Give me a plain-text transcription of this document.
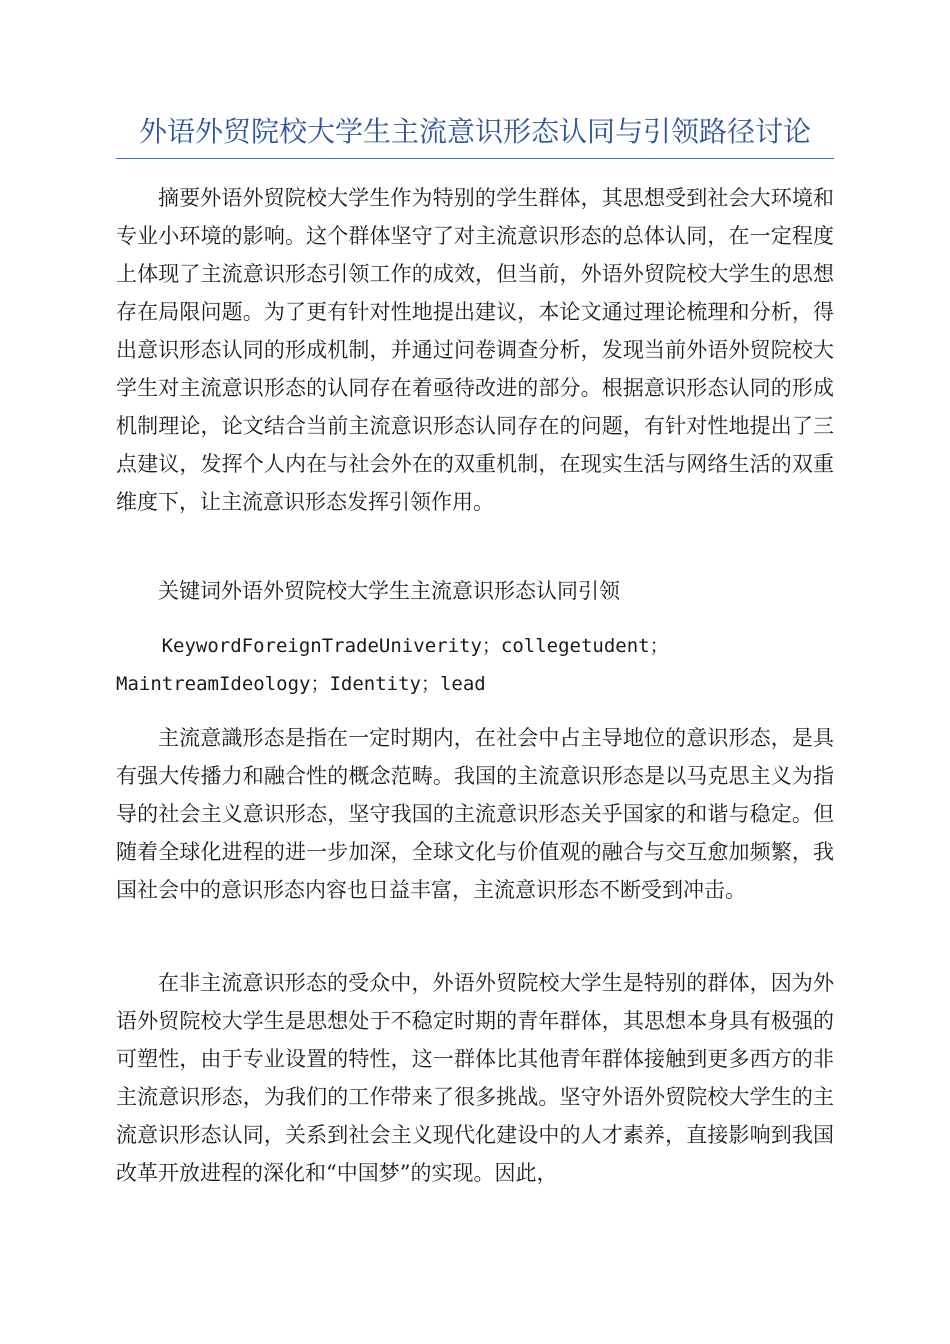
外语外贸院校大学生主流意识形态认同与引领路径讨论

摘要外语外贸院校大学生作为特别的学生群体，其思想受到社会大环境和专业小环境的影响。这个群体坚守了对主流意识形态的总体认同，在一定程度上体现了主流意识形态引领工作的成效，但当前，外语外贸院校大学生的思想存在局限问题。为了更有针对性地提出建议，本论文通过理论梳理和分析，得出意识形态认同的形成机制，并通过问卷调查分析，发现当前外语外贸院校大学生对主流意识形态的认同存在着亟待改进的部分。根据意识形态认同的形成机制理论，论文结合当前主流意识形态认同存在的问题，有针对性地提出了三点建议，发挥个人内在与社会外在的双重机制，在现实生活与网络生活的双重维度下，让主流意识形态发挥引领作用。

关键词外语外贸院校大学生主流意识形态认同引领

KeywordForeignTradeUniverity；collegetudent；

MaintreamIdeology；Identity；lead

主流意識形态是指在一定时期内，在社会中占主导地位的意识形态，是具有强大传播力和融合性的概念范畴。我国的主流意识形态是以马克思主义为指导的社会主义意识形态，坚守我国的主流意识形态关乎国家的和谐与稳定。但随着全球化进程的进一步加深，全球文化与价值观的融合与交互愈加频繁，我国社会中的意识形态内容也日益丰富，主流意识形态不断受到冲击。

在非主流意识形态的受众中，外语外贸院校大学生是特别的群体，因为外语外贸院校大学生是思想处于不稳定时期的青年群体，其思想本身具有极强的可塑性，由于专业设置的特性，这一群体比其他青年群体接触到更多西方的非主流意识形态，为我们的工作带来了很多挑战。坚守外语外贸院校大学生的主流意识形态认同，关系到社会主义现代化建设中的人才素养，直接影响到我国改革开放进程的深化和“中国梦”的实现。因此，
